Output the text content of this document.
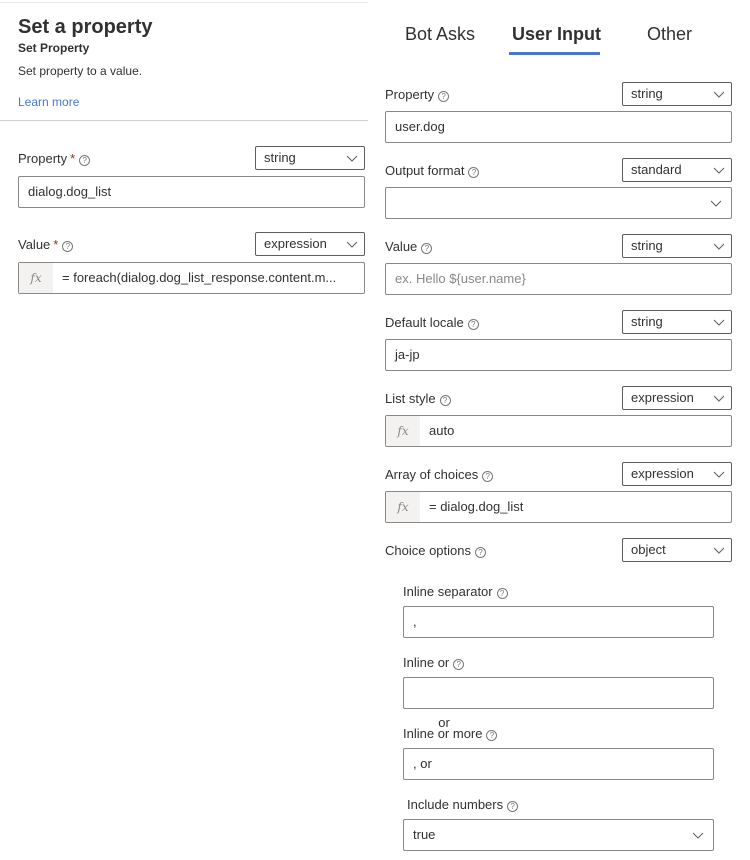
Set a property
Set Property
Set property to a value.
Learn more
Property * ?	string
dialog.dog_list
Value * ?	expression
fx	= foreach(dialog.dog_list_response.content.m...
Bot Asks User Input	Other
Property ?	string
user.dog
Output format ?	standard
Value ?	string
ex. Hello ${user.name}
Default locale ?	string
ja-jp
List style ?	expression
fx	auto
Array of choices ?	expression
fx	= dialog.dog_list
Choice options ?	object
Inline separator ?
,
Inline or ?

or

Inline or more ?
, or
Include numbers ?
true
